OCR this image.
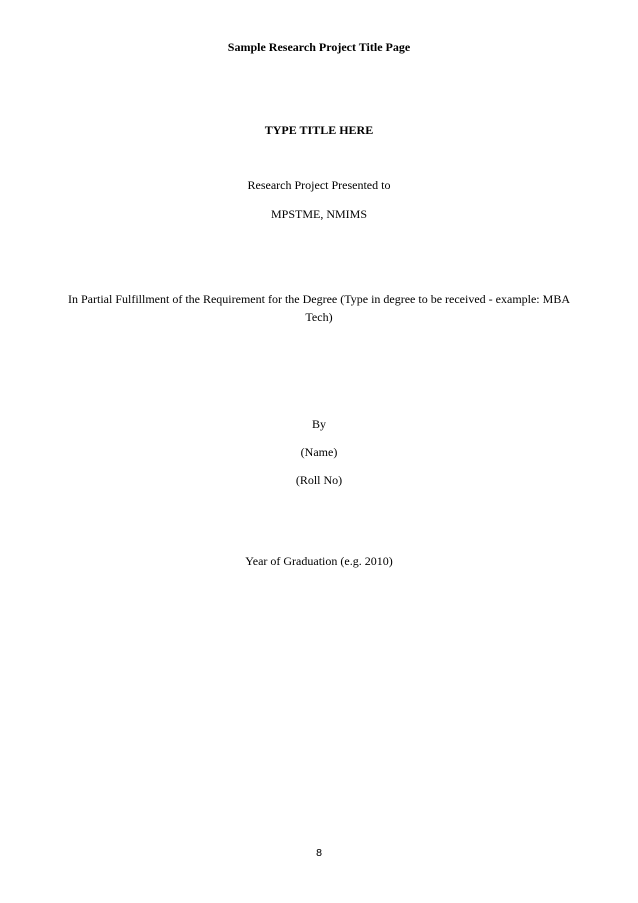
Sample Research Project Title Page
TYPE TITLE HERE
Research Project Presented to
MPSTME, NMIMS
In Partial Fulfillment of the Requirement for the Degree (Type in degree to be received - example: MBA Tech)
By
(Name)
(Roll No)
Year of Graduation (e.g. 2010)
8
